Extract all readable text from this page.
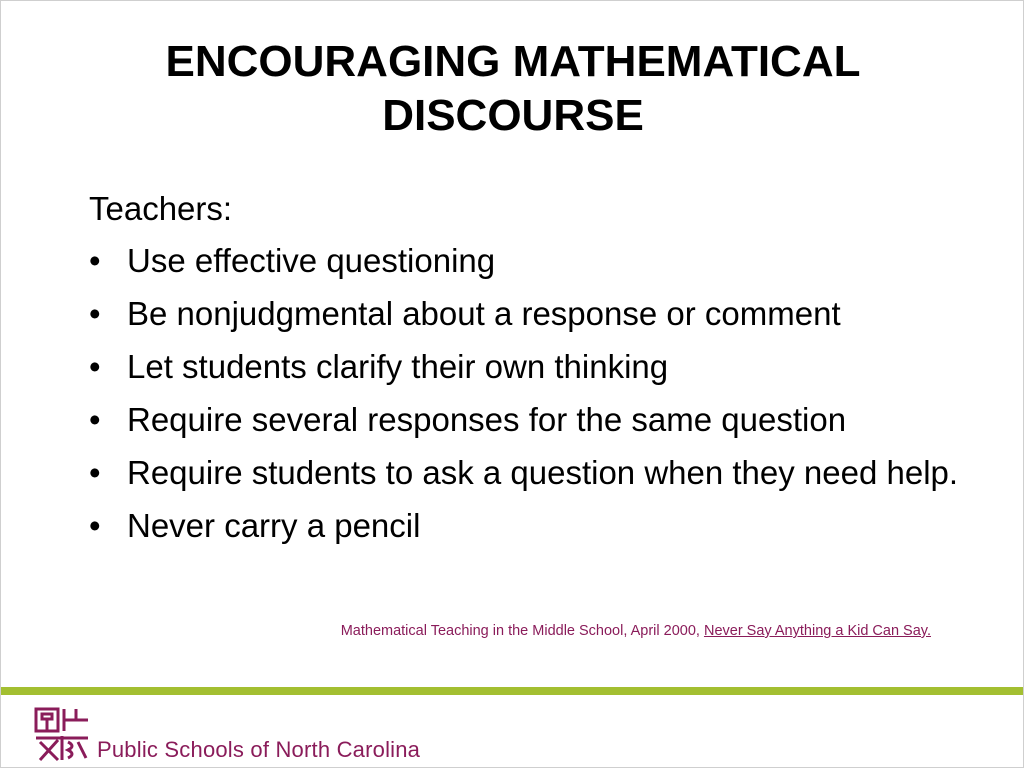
ENCOURAGING MATHEMATICAL
DISCOURSE
Teachers:
• Use effective questioning
• Be nonjudgmental about a response or comment
• Let students clarify their own thinking
• Require several responses for the same question
• Require students to ask a question when they need help.
• Never carry a pencil
Mathematical Teaching in the Middle School, April 2000, Never Say Anything a Kid Can Say.
Public Schools of North Carolina
